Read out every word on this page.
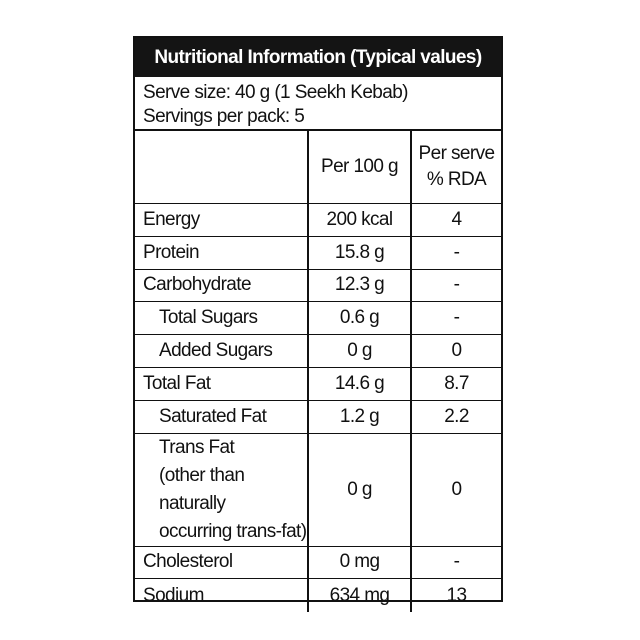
Nutritional Information (Typical values)
Serve size: 40 g (1 Seekh Kebab)
Servings per pack: 5
	Per 100 g	Per serve
% RDA

Energy	200 kcal	4
Protein	15.8 g	-
Carbohydrate	12.3 g	-
Total Sugars	0.6 g	-
Added Sugars	0 g	0
Total Fat	14.6 g	8.7
Saturated Fat	1.2 g	2.2

Trans Fat
(other than naturally
occurring trans-fat)	0 g	0
Cholesterol	0 mg	-
Sodium	634 mg	13
